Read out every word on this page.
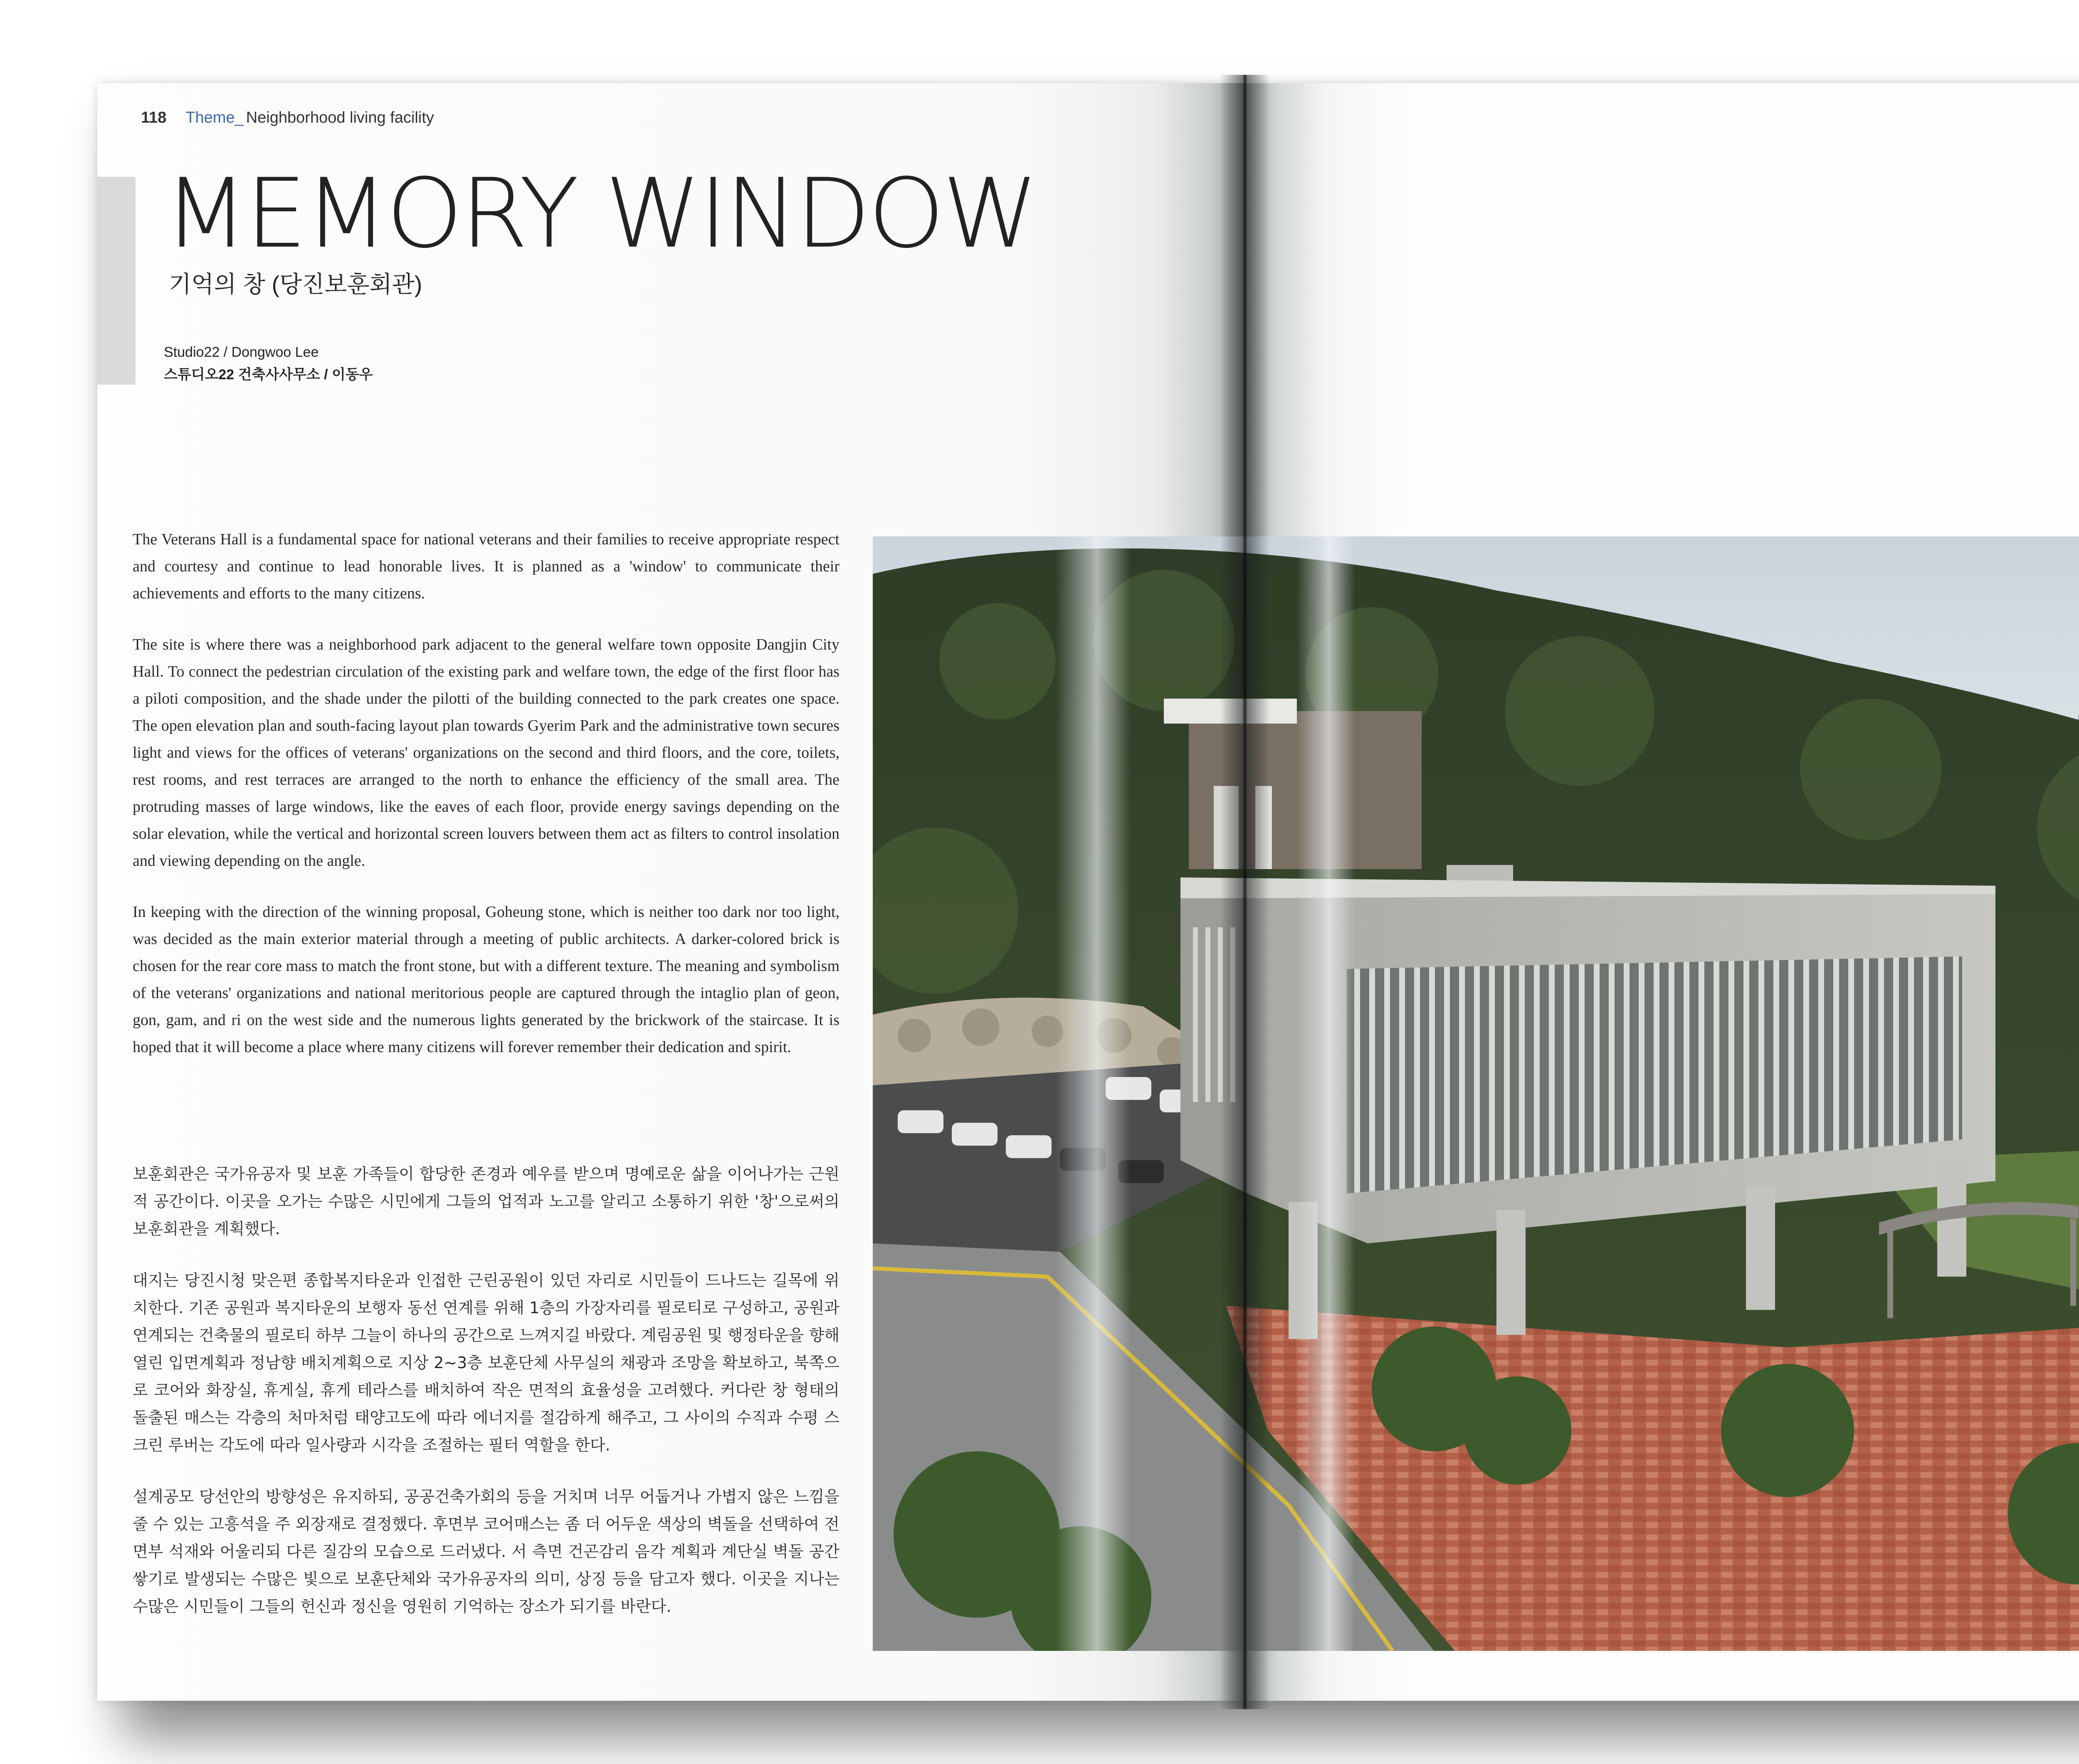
118 Theme_ Neighborhood living facility
MEMORY WINDOW
기억의 창 (당진보훈회관)
Studio22 / Dongwoo Lee
스튜디오22 건축사사무소 / 이동우

The Veterans Hall is a fundamental space for national veterans and their families to receive appropriate respect and courtesy and continue to lead honorable lives. It is planned as a 'window' to communicate their achievements and efforts to the many citizens.

The site is where there was a neighborhood park adjacent to the general welfare town opposite Dangjin City Hall. To connect the pedestrian circulation of the existing park and welfare town, the edge of the first floor has a piloti composition, and the shade under the pilotti of the building connected to the park creates one space. The open elevation plan and south-facing layout plan towards Gyerim Park and the administrative town secures light and views for the offices of veterans' organizations on the second and third floors, and the core, toilets, rest rooms, and rest terraces are arranged to the north to enhance the efficiency of the small area. The protruding masses of large windows, like the eaves of each floor, provide energy savings depending on the solar elevation, while the vertical and horizontal screen louvers between them act as filters to control insolation and viewing depending on the angle.

In keeping with the direction of the winning proposal, Goheung stone, which is neither too dark nor too light, was decided as the main exterior material through a meeting of public architects. A darker-colored brick is chosen for the rear core mass to match the front stone, but with a different texture. The meaning and symbolism of the veterans' organizations and national meritorious people are captured through the intaglio plan of geon, gon, gam, and ri on the west side and the numerous lights generated by the brickwork of the staircase. It is hoped that it will become a place where many citizens will forever remember their dedication and spirit.

보훈회관은 국가유공자 및 보훈 가족들이 합당한 존경과 예우를 받으며 명예로운 삶을 이어나가는 근원적 공간이다. 이곳을 오가는 수많은 시민에게 그들의 업적과 노고를 알리고 소통하기 위한 '창'으로써의 보훈회관을 계획했다.

대지는 당진시청 맞은편 종합복지타운과 인접한 근린공원이 있던 자리로 시민들이 드나드는 길목에 위치한다. 기존 공원과 복지타운의 보행자 동선 연계를 위해 1층의 가장자리를 필로티로 구성하고, 공원과 연계되는 건축물의 필로티 하부 그늘이 하나의 공간으로 느껴지길 바랐다. 계림공원 및 행정타운을 향해 열린 입면계획과 정남향 배치계획으로 지상 2~3층 보훈단체 사무실의 채광과 조망을 확보하고, 북쪽으로 코어와 화장실, 휴게실, 휴게 테라스를 배치하여 작은 면적의 효율성을 고려했다. 커다란 창 형태의 돌출된 매스는 각층의 처마처럼 태양고도에 따라 에너지를 절감하게 해주고, 그 사이의 수직과 수평 스크린 루버는 각도에 따라 일사량과 시각을 조절하는 필터 역할을 한다.

설계공모 당선안의 방향성은 유지하되, 공공건축가회의 등을 거치며 너무 어둡거나 가볍지 않은 느낌을 줄 수 있는 고흥석을 주 외장재로 결정했다. 후면부 코어매스는 좀 더 어두운 색상의 벽돌을 선택하여 전면부 석재와 어울리되 다른 질감의 모습으로 드러냈다. 서 측면 건곤감리 음각 계획과 계단실 벽돌 공간쌓기로 발생되는 수많은 빛으로 보훈단체와 국가유공자의 의미, 상징 등을 담고자 했다. 이곳을 지나는 수많은 시민들이 그들의 헌신과 정신을 영원히 기억하는 장소가 되기를 바란다.
